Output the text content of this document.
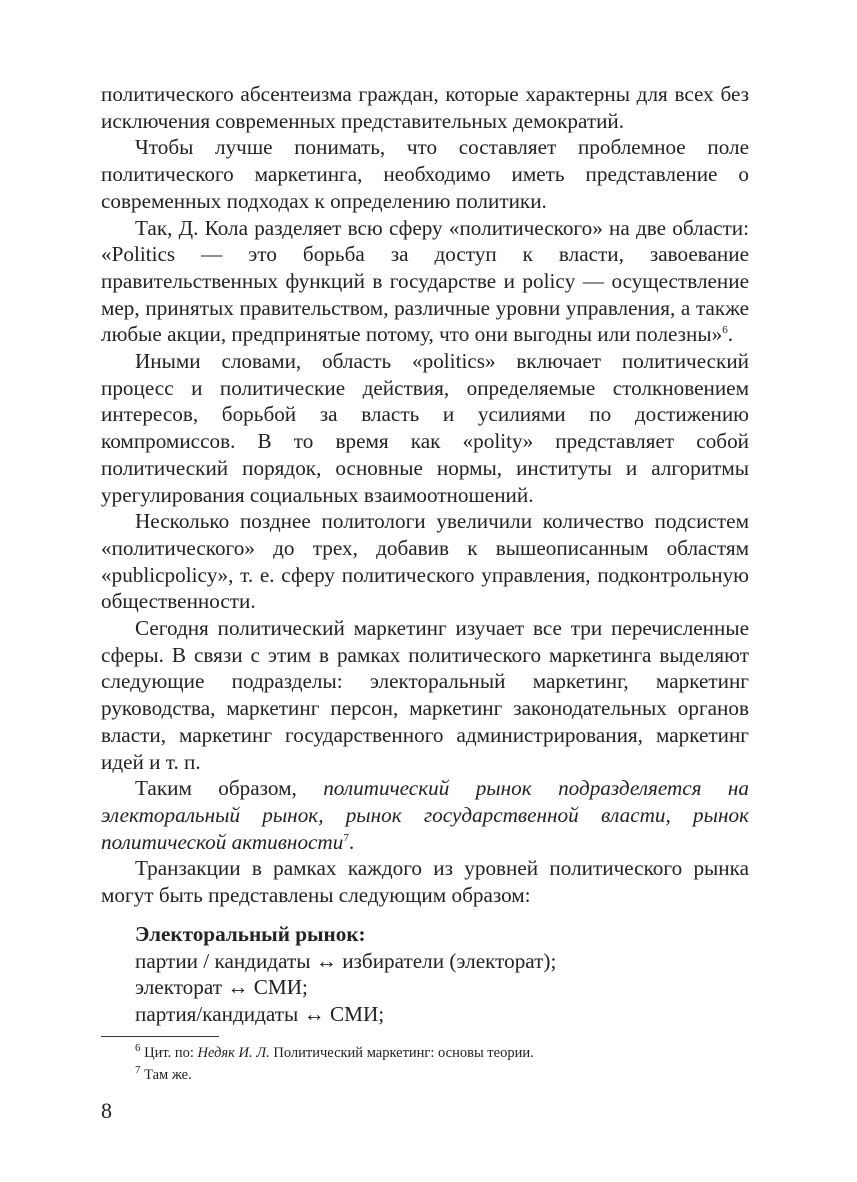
политического абсентеизма граждан, которые характерны для всех без исключения современных представительных демократий.

Чтобы лучше понимать, что составляет проблемное поле политического маркетинга, необходимо иметь представление о современных подходах к определению политики.

Так, Д. Кола разделяет всю сферу «политического» на две области: «Politics — это борьба за доступ к власти, завоевание правительственных функций в государстве и policy — осуществление мер, принятых правительством, различные уровни управления, а также любые акции, предпринятые потому, что они выгодны или полезны»$^6$.

Иными словами, область «politics» включает политический процесс и политические действия, определяемые столкновением интересов, борьбой за власть и усилиями по достижению компромиссов. В то время как «polity» представляет собой политический порядок, основные нормы, институты и алгоритмы урегулирования социальных взаимоотношений.

Несколько позднее политологи увеличили количество подсистем «политического» до трех, добавив к вышеописанным областям «publicpolicy», т. е. сферу политического управления, подконтрольную общественности.

Сегодня политический маркетинг изучает все три перечисленные сферы. В связи с этим в рамках политического маркетинга выделяют следующие подразделы: электоральный маркетинг, маркетинг руководства, маркетинг персон, маркетинг законодательных органов власти, маркетинг государственного администрирования, маркетинг идей и т. п.

Таким образом, политический рынок подразделяется на электоральный рынок, рынок государственной власти, рынок политической активности$^7$.

Транзакции в рамках каждого из уровней политического рынка могут быть представлены следующим образом:

Электоральный рынок:
партии / кандидаты ↔ избиратели (электорат);
электорат ↔ СМИ;
партия/кандидаты ↔ СМИ;
$^6$ Цит. по: Недяк И. Л. Политический маркетинг: основы теории.
$^7$ Там же.
8
